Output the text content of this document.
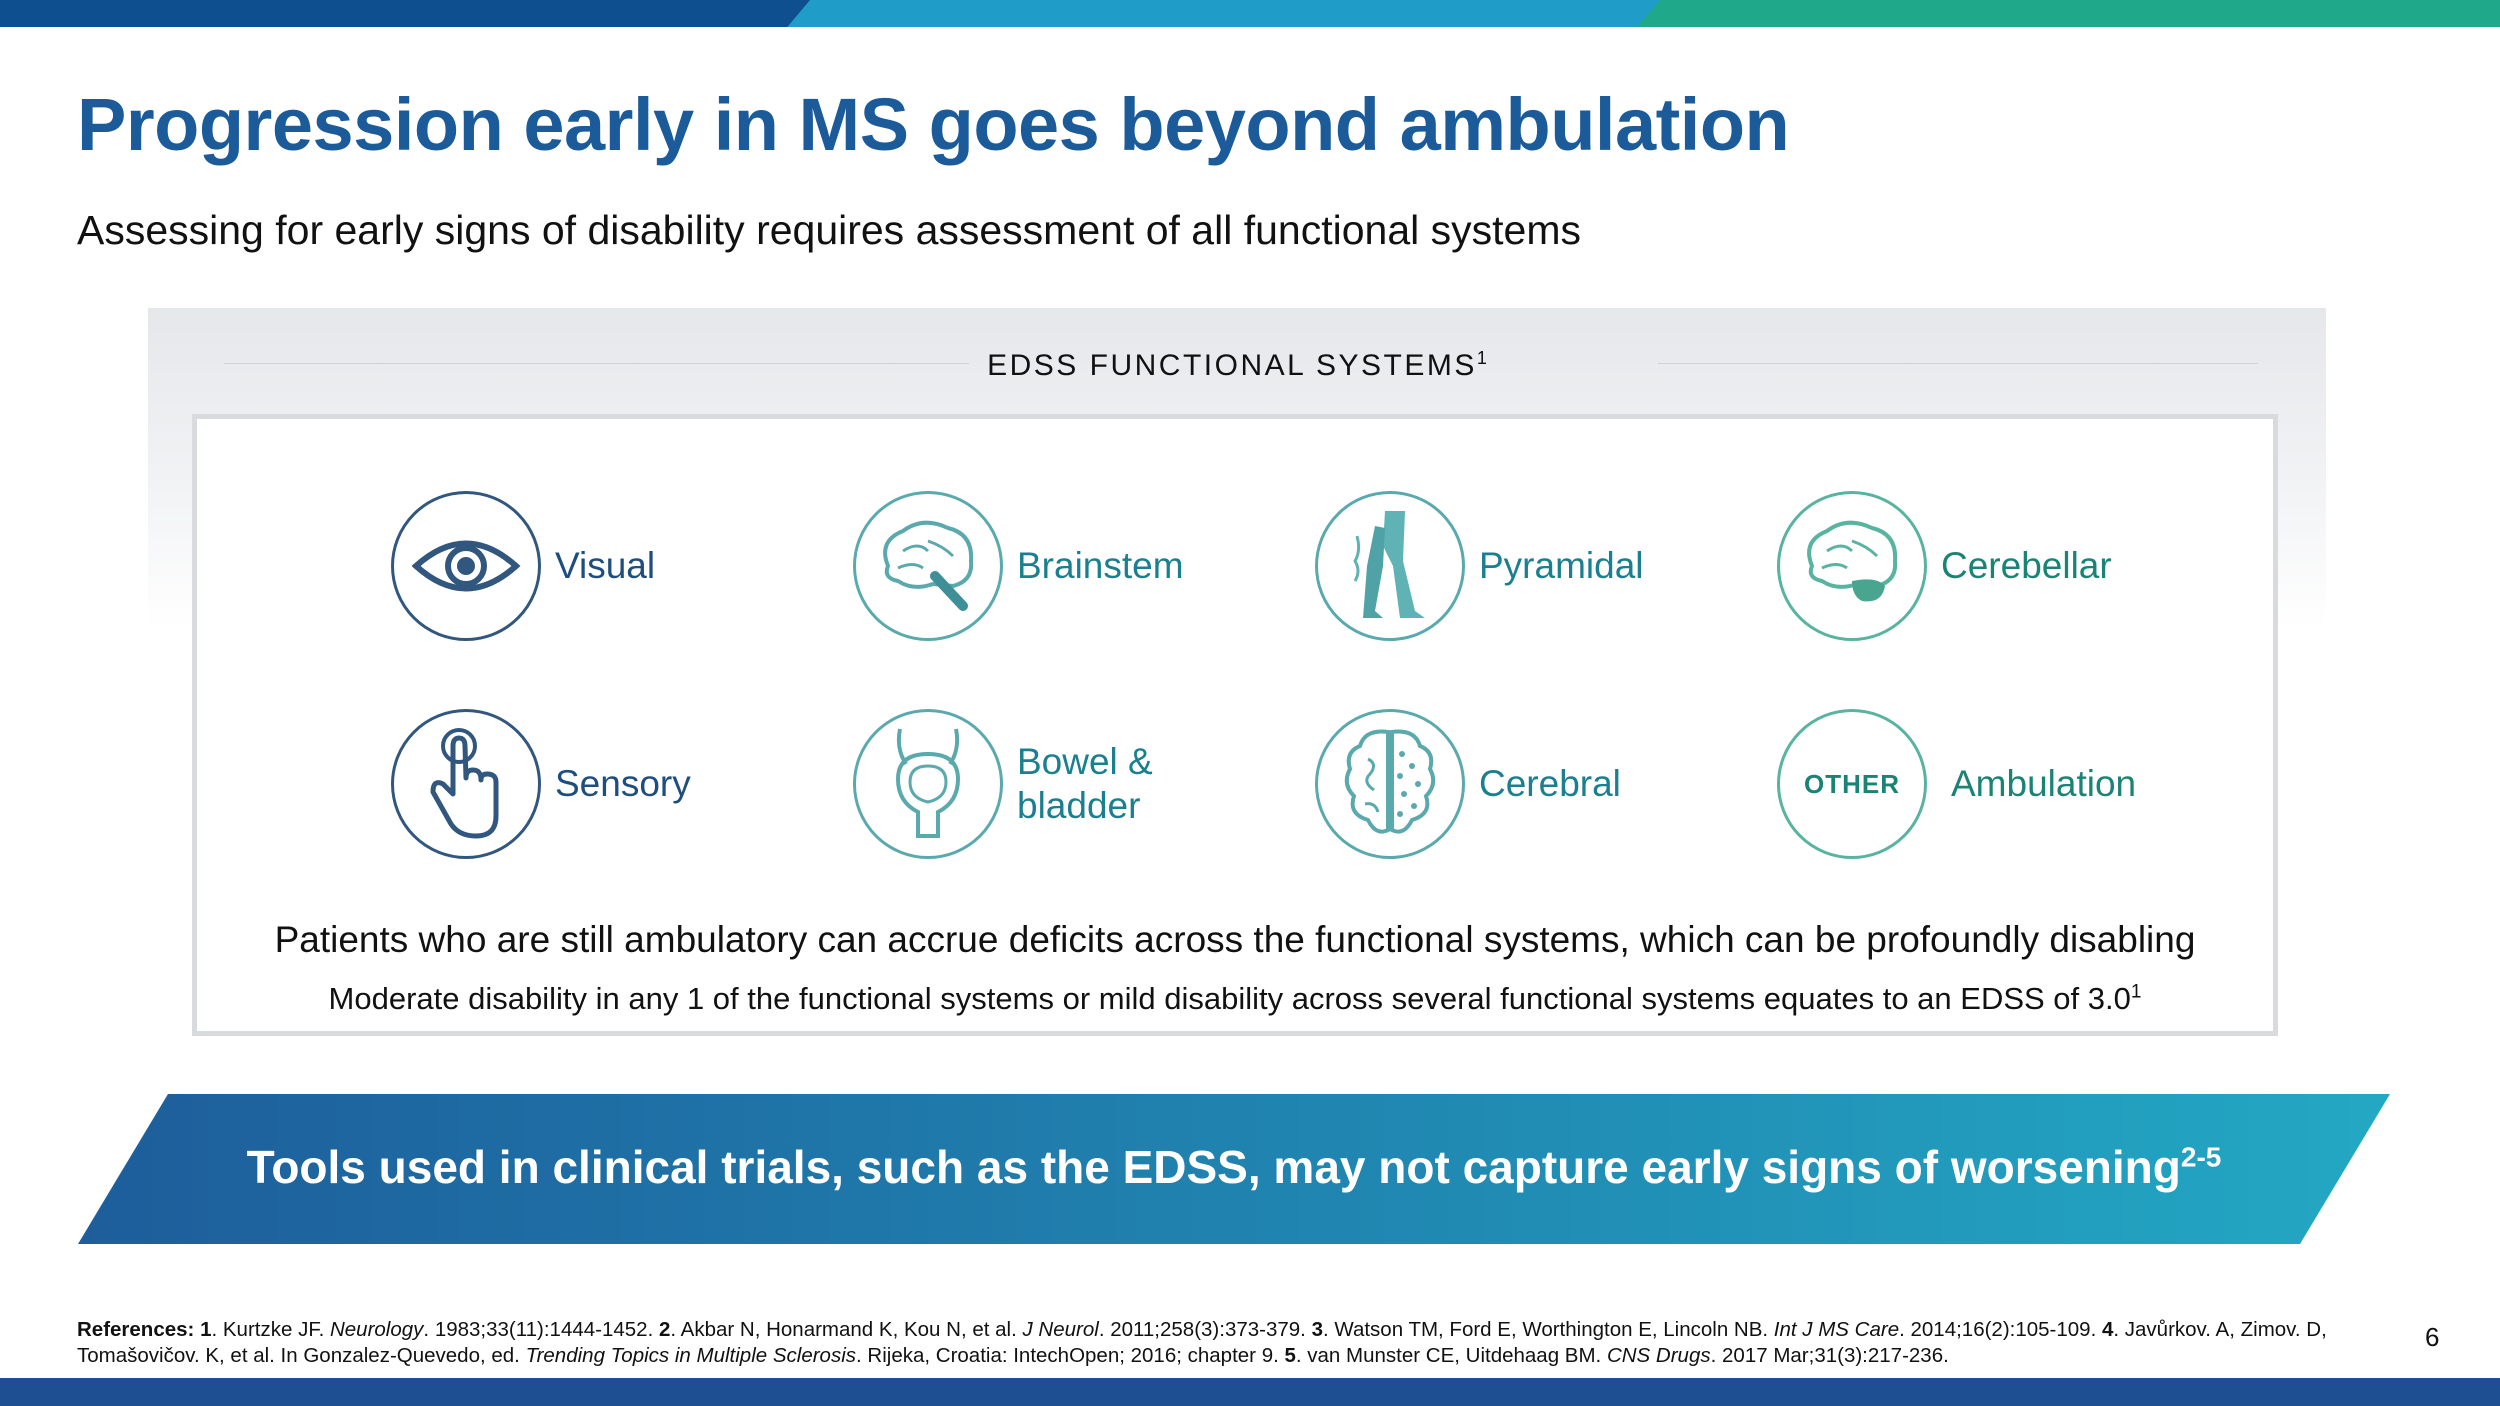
Progression early in MS goes beyond ambulation
Assessing for early signs of disability requires assessment of all functional systems
EDSS FUNCTIONAL SYSTEMS$^1$
Visual	Brainstem	Pyramidal	Cerebellar
Sensory
Bowel &
bladder
Cerebral	OTHER Ambulation
Patients who are still ambulatory can accrue deficits across the functional systems, which can be profoundly disabling
Moderate disability in any 1 of the functional systems or mild disability across several functional systems equates to an EDSS of $3.0^1$
Tools used in clinical trials, such as the EDSS, may not capture early signs of worsening$^{2-5}$
References: 1. Kurtzke JF. Neurology. 1983;33(11):1444-1452. 2. Akbar N, Honarmand K, Kou N, et al. J Neurol. 2011;258(3):373-379. 3. Watson TM, Ford E, Worthington E, Lincoln NB. Int J MS Care. 2014;16(2):105-109. 4. Javůrkov. A, Zimov. D, Tomašovičov. K, et al. In Gonzalez-Quevedo, ed. Trending Topics in Multiple Sclerosis. Rijeka, Croatia: IntechOpen; 2016; chapter 9. 5. van Munster CE, Uitdehaag BM. CNS Drugs. 2017 Mar;31(3):217-236.
6
